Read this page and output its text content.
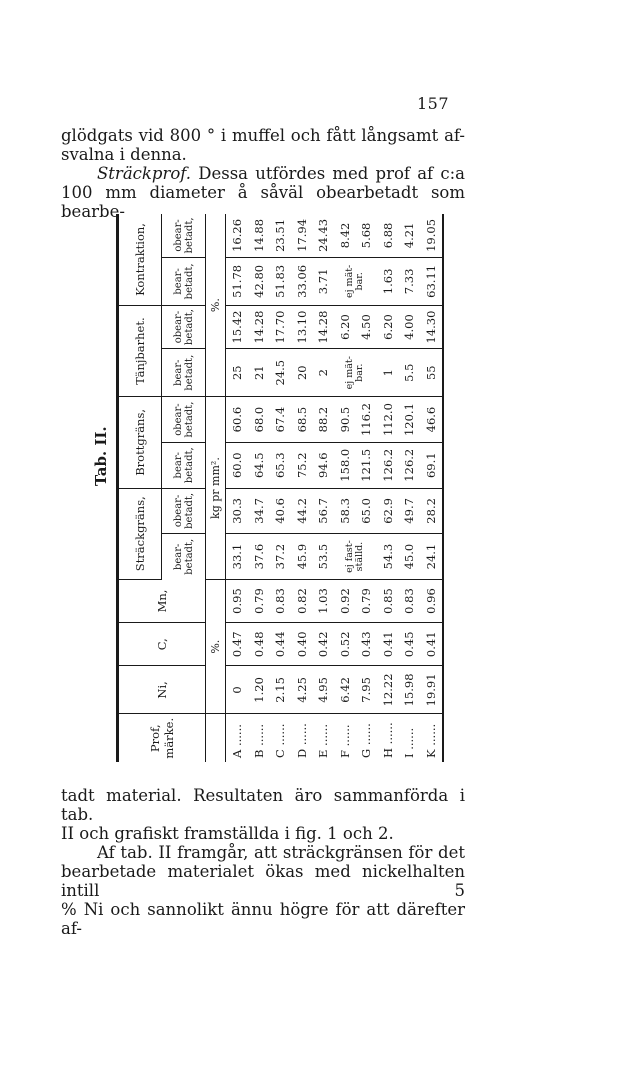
157

glödgats vid 800 ° i muffel och fått långsamt af-

svalna i denna.

Sträckprof. Dessa utfördes med prof af c:a

100 mm diameter å såväl obearbetadt som bearbe-

Tab. II.
Prof,
märke.	Ni,	C,	Mn,	Sträckgräns,		Brottgräns,		Tänjbarhet.		Kontraktion,	
				bear-
betadt,	obear-
betadt,	bear-
betadt,	obear-
betadt,	bear-
betadt,	obear-
betadt,	bear-
betadt,	obear-
betadt,
	%.			kg pr mm².				%.			
A ......	0	0.47	0.95	33.1	30.3	60.0	60.6	25	15.42	51.78	16.26
B ......	1.20	0.48	0.79	37.6	34.7	64.5	68.0	21	14.28	42.80	14.88
C ......	2.15	0.44	0.83	37.2	40.6	65.3	67.4	24.5	17.70	51.83	23.51
D ......	4.25	0.40	0.82	45.9	44.2	75.2	68.5	20	13.10	33.06	17.94
E ......	4.95	0.42	1.03	53.5	56.7	94.6	88.2	2	14.28	3.71	24.43
F ......	6.42	0.52	0.92	ej fast-
ställd.	58.3	158.0	90.5	ej mät-
bar.	6.20	ej mät-
bar.	8.42
G ......	7.95	0.43	0.79		65.0	121.5	116.2		4.50		5.68
H ......	12.22	0.41	0.85	54.3	62.9	126.2	112.0	1	6.20	1.63	6.88
I ......	15.98	0.45	0.83	45.0	49.7	126.2	120.1	5.5	4.00	7.33	4.21
K ......	19.91	0.41	0.96	24.1	28.2	69.1	46.6	55	14.30	63.11	19.05

tadt material. Resultaten äro sammanförda i tab.

II och grafiskt framställda i fig. 1 och 2.

Af tab. II framgår, att sträckgränsen för det

bearbetade materialet ökas med nickelhalten intill 5

% Ni och sannolikt ännu högre för att därefter af-
